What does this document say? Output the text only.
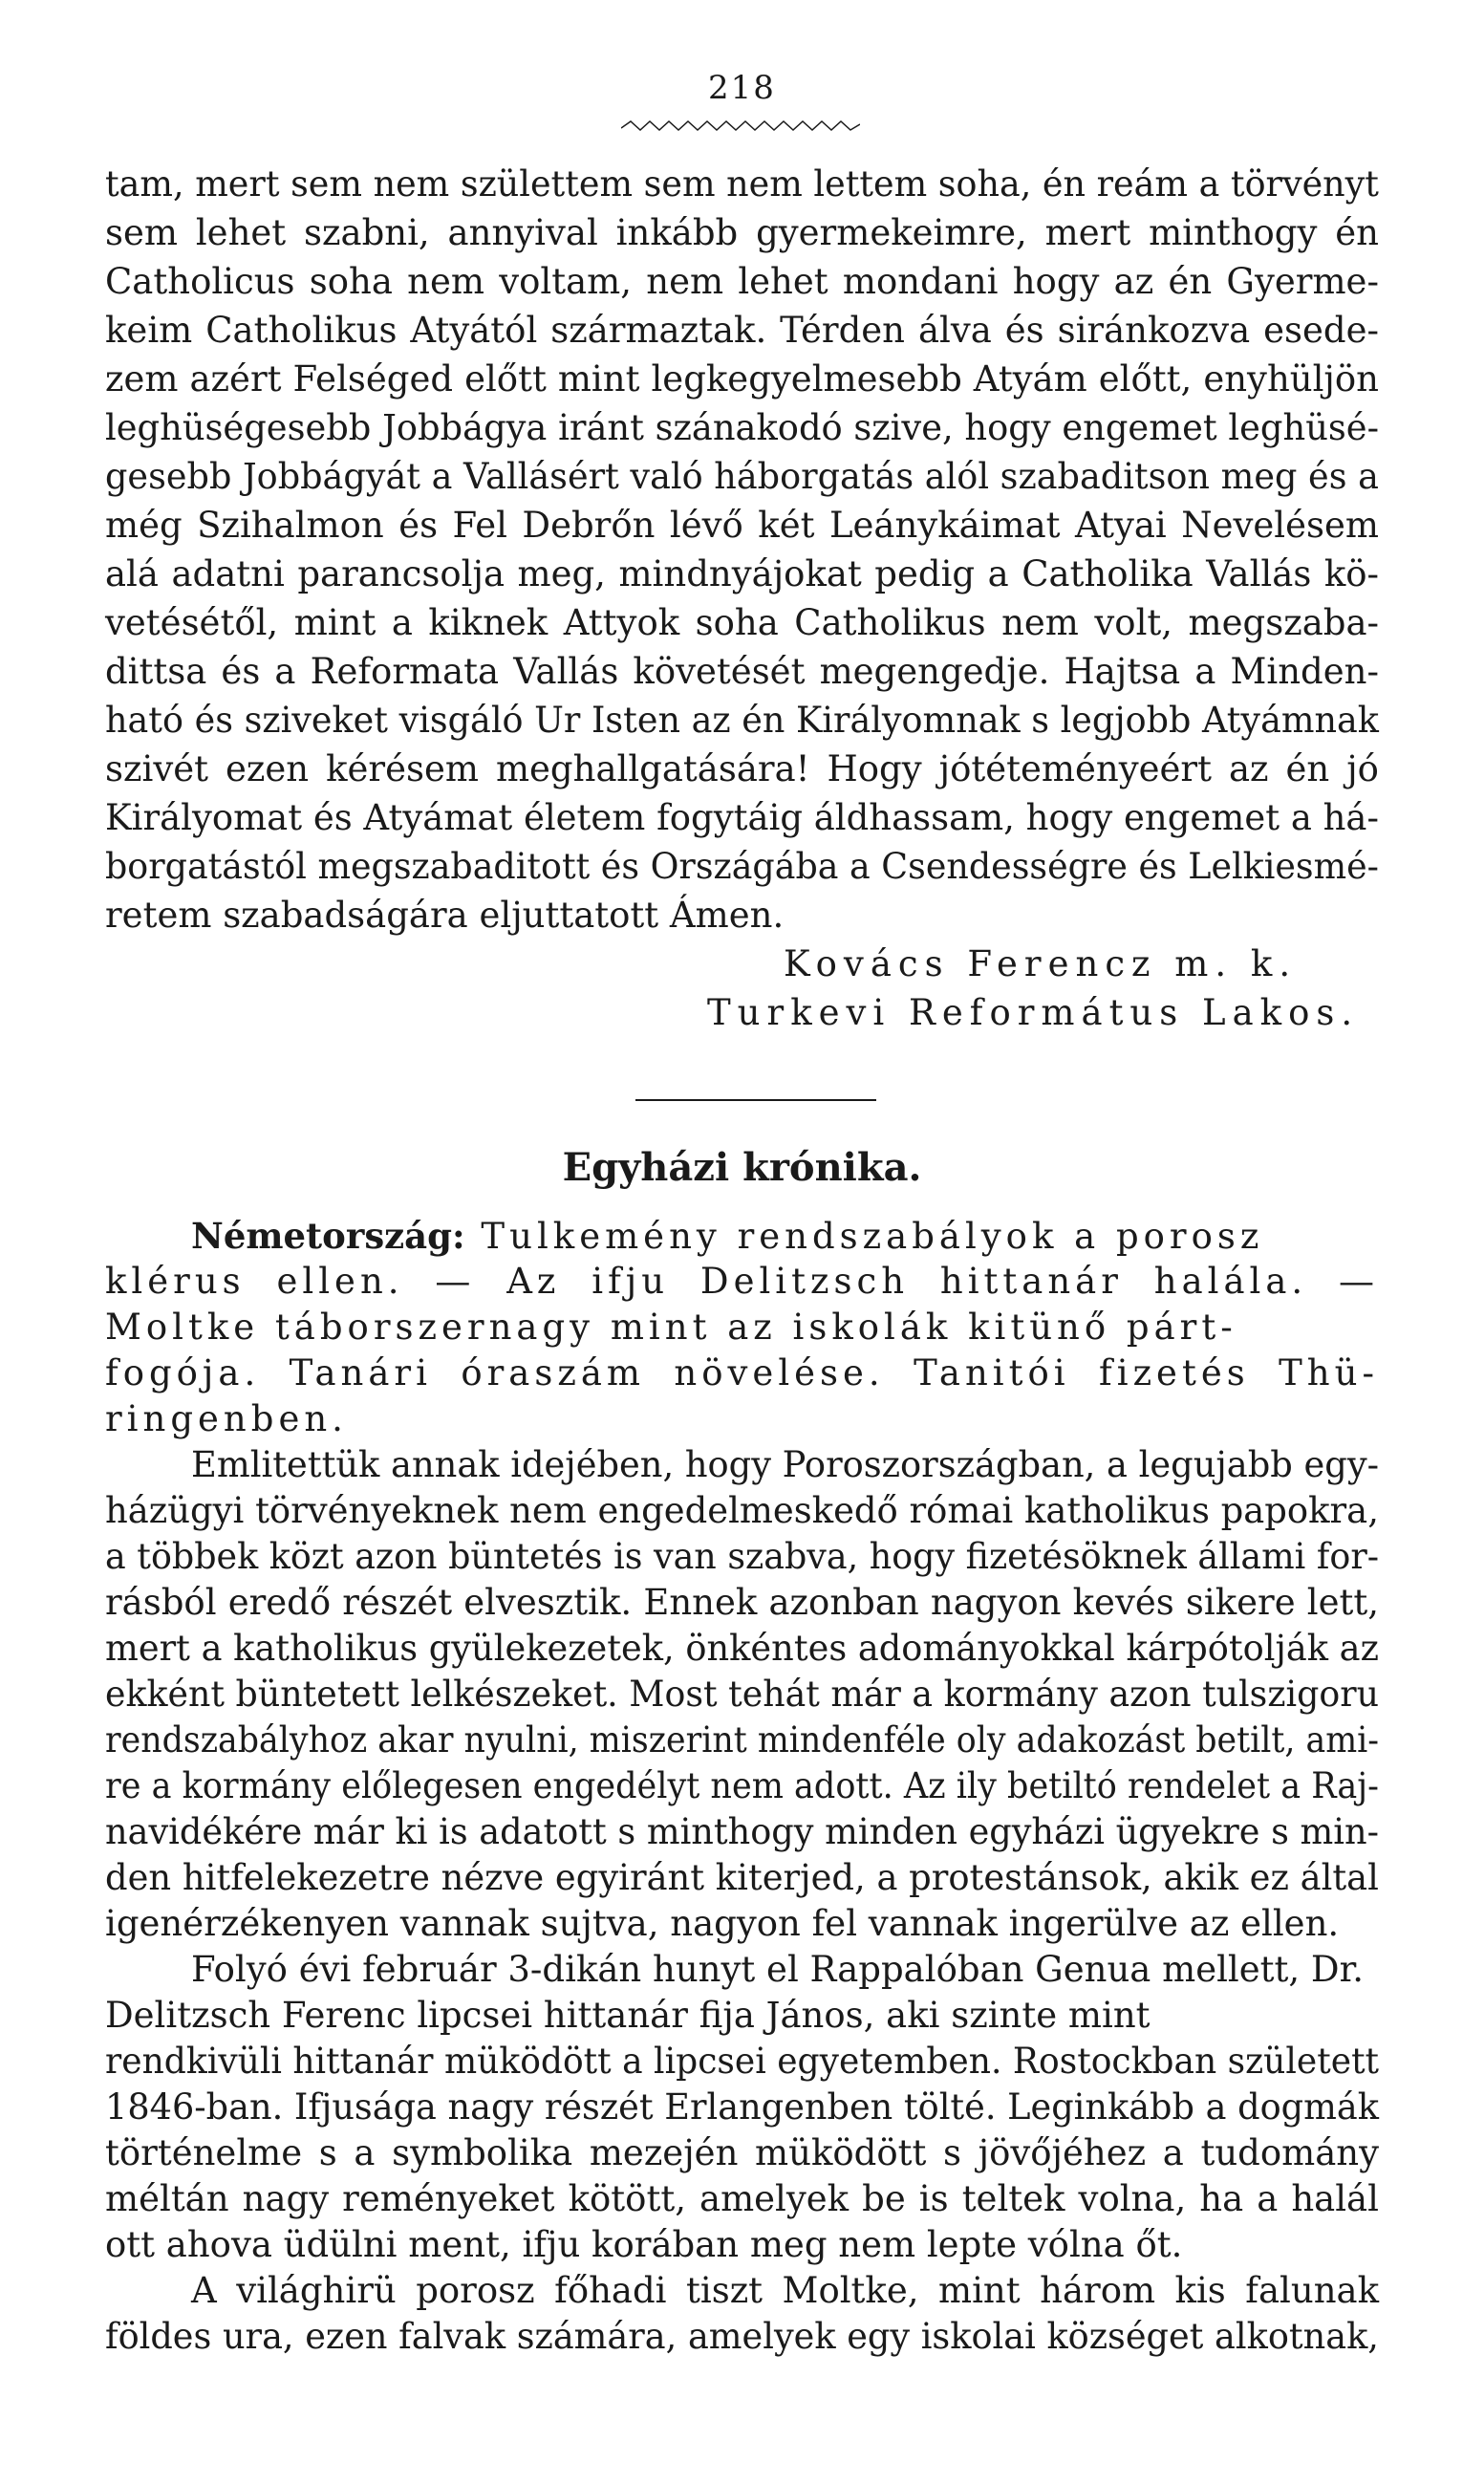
218
tam, mert sem nem születtem sem nem lettem soha, én reám a törvényt
sem lehet szabni, annyival inkább gyermekeimre, mert minthogy én
Catholicus soha nem voltam, nem lehet mondani hogy az én Gyerme-
keim Catholikus Atyától származtak. Térden álva és siránkozva esede-
zem azért Felséged előtt mint legkegyelmesebb Atyám előtt, enyhüljön
leghüségesebb Jobbágya iránt szánakodó szive, hogy engemet leghüsé-
gesebb Jobbágyát a Vallásért való háborgatás alól szabaditson meg és a
még Szihalmon és Fel Debrőn lévő két Leánykáimat Atyai Nevelésem
alá adatni parancsolja meg, mindnyájokat pedig a Catholika Vallás kö-
vetésétől, mint a kiknek Attyok soha Catholikus nem volt, megszaba-
dittsa és a Reformata Vallás követését megengedje. Hajtsa a Minden-
ható és sziveket visgáló Ur Isten az én Királyomnak s legjobb Atyámnak
szivét ezen kérésem meghallgatására! Hogy jótéteményeért az én jó
Királyomat és Atyámat életem fogytáig áldhassam, hogy engemet a há-
borgatástól megszabaditott és Országába a Csendességre és Lelkiesmé-
retem szabadságára eljuttatott Ámen.
Kovács Ferencz m. k.
Turkevi Református Lakos.
Egyházi krónika.
Németország: Tulkemény rendszabályok a porosz
klérus ellen. — Az ifju Delitzsch hittanár halála. —
Moltke táborszernagy mint az iskolák kitünő párt-
fogója. Tanári óraszám növelése. Tanitói fizetés Thü-
ringenben.
Emlitettük annak idejében, hogy Poroszországban, a legujabb egy-
házügyi törvényeknek nem engedelmeskedő római katholikus papokra,
a többek közt azon büntetés is van szabva, hogy fizetésöknek állami for-
rásból eredő részét elvesztik. Ennek azonban nagyon kevés sikere lett,
mert a katholikus gyülekezetek, önkéntes adományokkal kárpótolják az
ekként büntetett lelkészeket. Most tehát már a kormány azon tulszigoru
rendszabályhoz akar nyulni, miszerint mindenféle oly adakozást betilt, ami-
re a kormány előlegesen engedélyt nem adott. Az ily betiltó rendelet a Raj-
navidékére már ki is adatott s minthogy minden egyházi ügyekre s min-
den hitfelekezetre nézve egyiránt kiterjed, a protestánsok, akik ez által
igenérzékenyen vannak sujtva, nagyon fel vannak ingerülve az ellen.
Folyó évi február 3-dikán hunyt el Rappalóban Genua mellett, Dr.
Delitzsch Ferenc lipcsei hittanár fija János, aki szinte mint
rendkivüli hittanár müködött a lipcsei egyetemben. Rostockban született
1846-ban. Ifjusága nagy részét Erlangenben tölté. Leginkább a dogmák
történelme s a symbolika mezején müködött s jövőjéhez a tudomány
méltán nagy reményeket kötött, amelyek be is teltek volna, ha a halál
ott ahova üdülni ment, ifju korában meg nem lepte vólna őt.
A világhirü porosz főhadi tiszt Moltke, mint három kis falunak
földes ura, ezen falvak számára, amelyek egy iskolai községet alkotnak,
